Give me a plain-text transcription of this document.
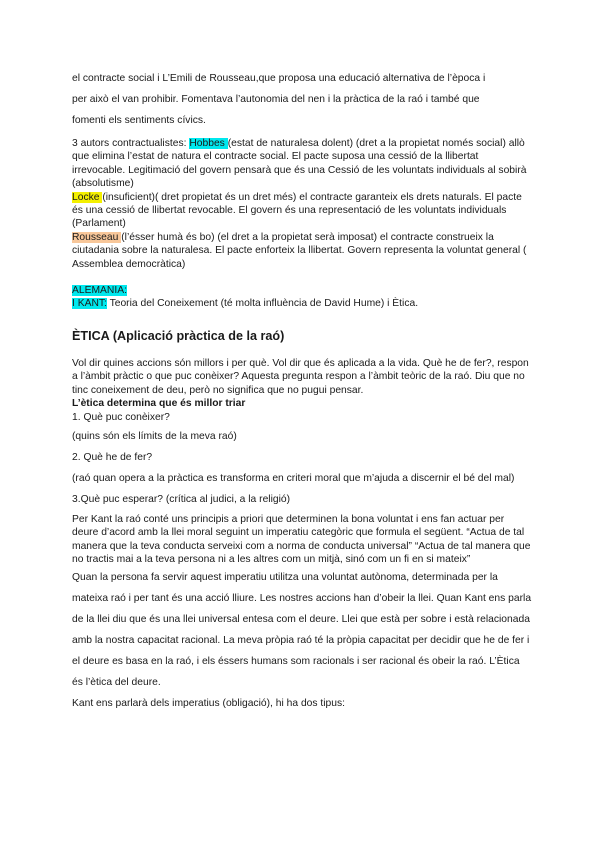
el contracte social i L’Emili de Rousseau,que proposa una educació alternativa de l’època i

per això el van prohibir. Fomentava l’autonomia del nen i la pràctica de la raó i també que

fomenti els sentiments cívics.

3 autors contractualistes: Hobbes (estat de naturalesa dolent) (dret a la propietat només social) allò que elimina l’estat de natura el contracte social. El pacte suposa una cessió de la llibertat irrevocable. Legitimació del govern pensarà que és una Cessió de les voluntats individuals al sobirà (absolutisme)

Locke (insuficient)( dret propietat és un dret més) el contracte garanteix els drets naturals. El pacte és una cessió de llibertat revocable. El govern és una representació de les voluntats individuals (Parlament)

Rousseau (l’ésser humà és bo) (el dret a la propietat serà imposat) el contracte construeix la ciutadania sobre la naturalesa. El pacte enforteix la llibertat. Govern representa la voluntat general ( Assemblea democràtica)

ALEMANIA:

I KANT: Teoria del Coneixement (té molta influència de David Hume) i Ètica.

ÈTICA (Aplicació pràctica de la raó)

Vol dir quines accions són millors i per què. Vol dir que és aplicada a la vida. Què he de fer?, respon a l’àmbit pràctic o que puc conèixer? Aquesta pregunta respon a l’àmbit teòric de la raó. Diu que no tinc coneixement de deu, però no significa que no pugui pensar.

L’ètica determina que és millor triar

1. Què puc conèixer?

(quins són els límits de la meva raó)

2. Què he de fer?

(raó quan opera a la pràctica es transforma en criteri moral que m’ajuda a discernir el bé del mal)

3.Què puc esperar? (crítica al judici, a la religió)

Per Kant la raó conté uns principis a priori que determinen la bona voluntat i ens fan actuar per deure d’acord amb la llei moral seguint un imperatiu categòric que formula el següent. “Actua de tal manera que la teva conducta serveixi com a norma de conducta universal” “Actua de tal manera que no tractis mai a la teva persona ni a les altres com un mitjà, sinó com un fi en si mateix”

Quan la persona fa servir aquest imperatiu utilitza una voluntat autònoma, determinada per la mateixa raó i per tant és una acció lliure. Les nostres accions han d’obeir la llei. Quan Kant ens parla de la llei diu que és una llei universal entesa com el deure. Llei que està per sobre i està relacionada amb la nostra capacitat racional. La meva pròpia raó té la pròpia capacitat per decidir que he de fer i el deure es basa en la raó, i els éssers humans som racionals i ser racional és obeir la raó. L’Ètica és l’ètica del deure.

Kant ens parlarà dels imperatius (obligació), hi ha dos tipus:
